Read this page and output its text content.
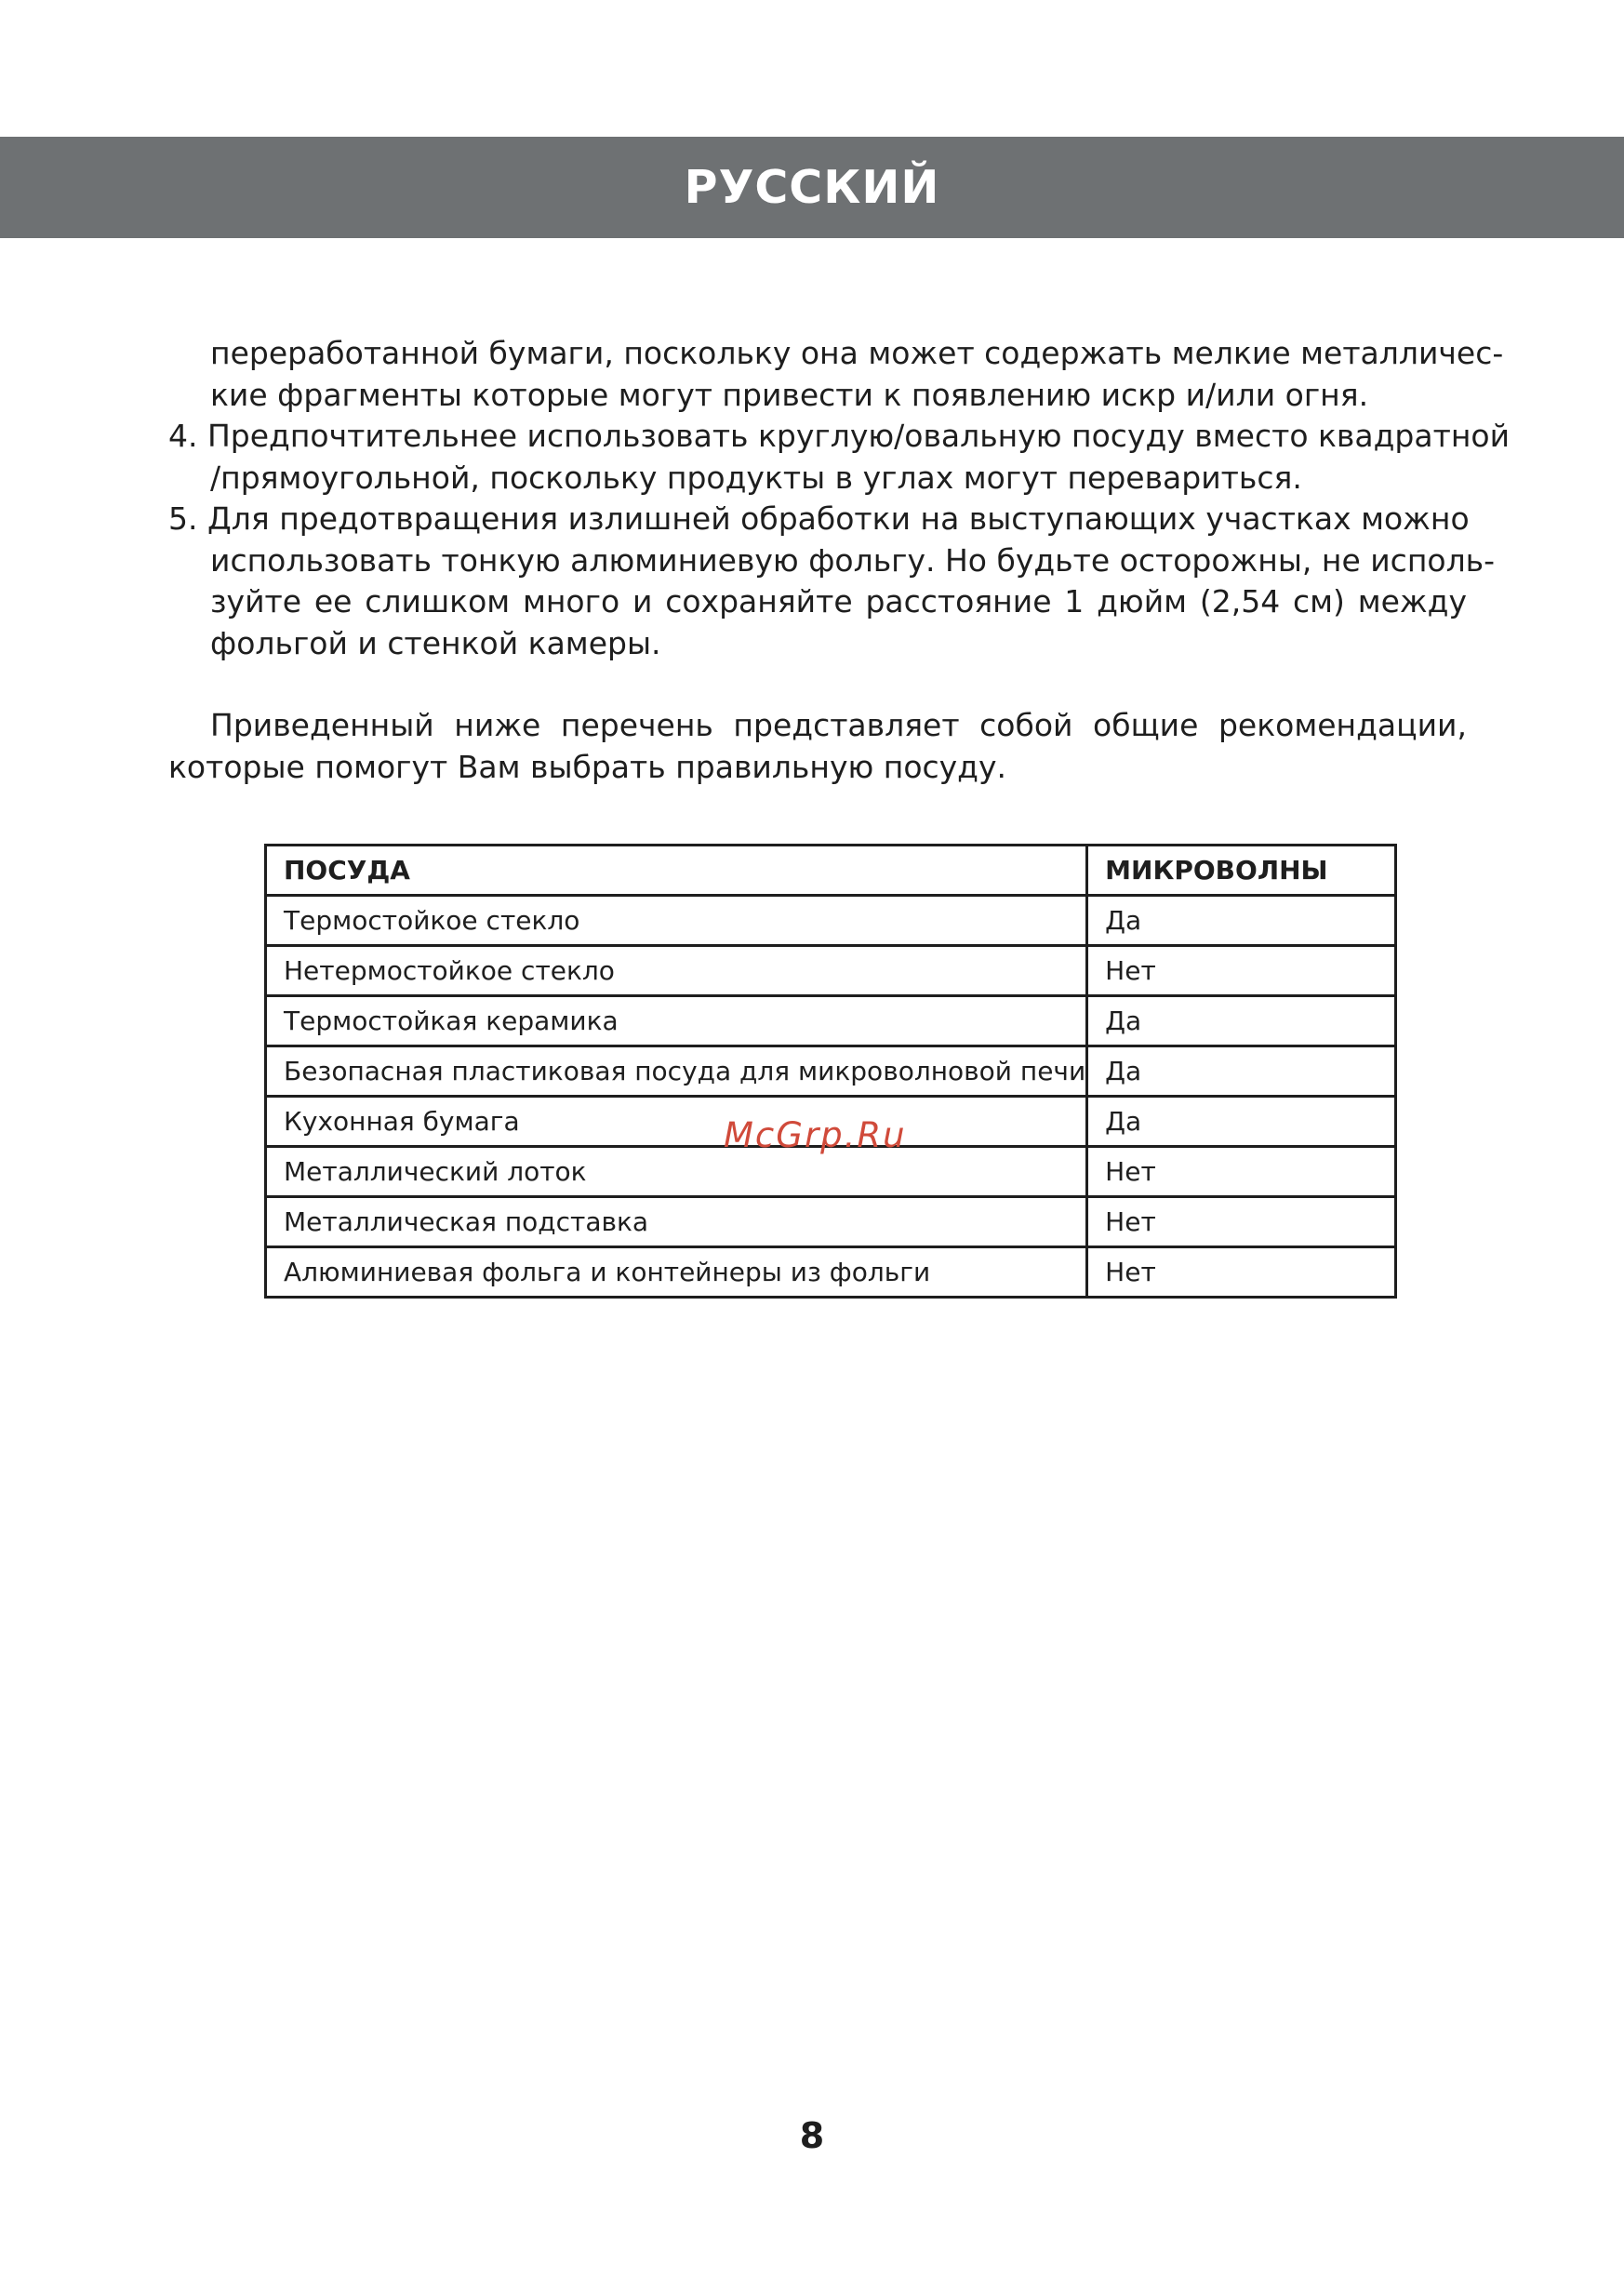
РУССКИЙ
переработанной бумаги, поскольку она может содержать мелкие металличес-
кие фрагменты которые могут привести к появлению искр и/или огня.
4. Предпочтительнее использовать круглую/овальную посуду вместо квадратной
/прямоугольной, поскольку продукты в углах могут перевариться.
5. Для предотвращения излишней обработки на выступающих участках можно
использовать тонкую алюминиевую фольгу. Но будьте осторожны, не исполь-
зуйте ее слишком много и сохраняйте расстояние 1 дюйм (2,54 см) между
фольгой и стенкой камеры.
Приведенный ниже перечень представляет собой общие рекомендации,
которые помогут Вам выбрать правильную посуду.
ПОСУДА	МИКРОВОЛНЫ
Термостойкое стекло	Да
Нетермостойкое стекло	Нет
Термостойкая керамика	Да
Безопасная пластиковая посуда для микроволновой печи	Да
Кухонная бумага	Да
Металлический лоток	Нет
Металлическая подставка	Нет
Алюминиевая фольга и контейнеры из фольги	Нет
McGrp.Ru
8
